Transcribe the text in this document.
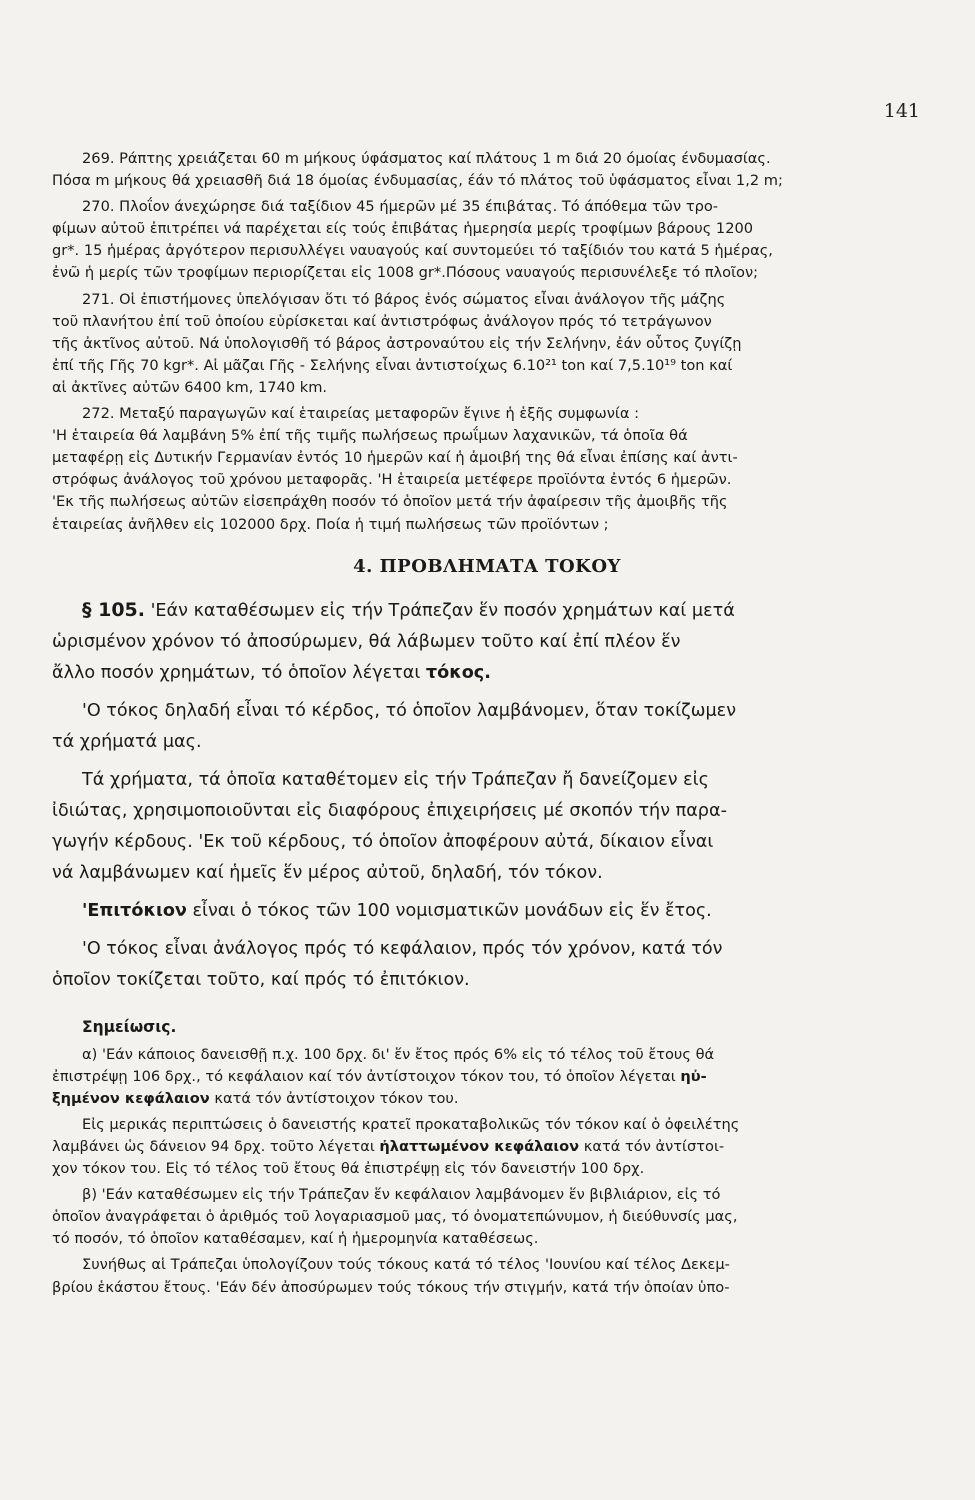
141

269. Ράπτης χρειάζεται 60 m μήκους ύφάσματος καί πλάτους 1 m διά 20 όμοίας ένδυμασίας.
Πόσα m μήκους θά χρειασθῆ διά 18 όμοίας ένδυμασίας, έάν τό πλάτος τοῦ ὑφάσματος εἶναι 1,2 m;

270. Πλοΐον άνεχώρησε διά ταξίδιον 45 ήμερῶν μέ 35 έπιβάτας. Τό άπόθεμα τῶν τρο-
φίμων αὐτοῦ ἐπιτρέπει νά παρέχεται είς τούς ἐπιβάτας ἡμερησία μερίς τροφίμων βάρους 1200
gr*. 15 ἡμέρας ἀργότερον περισυλλέγει ναυαγούς καί συντομεύει τό ταξίδιόν του κατά 5 ἡμέρας,
ἐνῶ ἡ μερίς τῶν τροφίμων περιορίζεται εἰς 1008 gr*.Πόσους ναυαγούς περισυνέλεξε τό πλοῖον;

271. Οἱ ἐπιστήμονες ὑπελόγισαν ὅτι τό βάρος ἑνός σώματος εἶναι ἀνάλογον τῆς μάζης
τοῦ πλανήτου ἐπί τοῦ ὁποίου εὑρίσκεται καί ἀντιστρόφως ἀνάλογον πρός τό τετράγωνον
τῆς ἀκτῖνος αὐτοῦ. Νά ὑπολογισθῆ τό βάρος ἀστροναύτου εἰς τήν Σελήνην, ἐάν οὗτος ζυγίζῃ
ἐπί τῆς Γῆς 70 kgr*. Αἱ μᾶζαι Γῆς - Σελήνης εἶναι ἀντιστοίχως 6.10²¹ ton καί 7,5.10¹⁹ ton καί
αἱ ἀκτῖνες αὐτῶν 6400 km, 1740 km.

272. Μεταξύ παραγωγῶν καί ἑταιρείας μεταφορῶν ἔγινε ἡ ἑξῆς συμφωνία :
'Η ἑταιρεία θά λαμβάνη 5% ἐπί τῆς τιμῆς πωλήσεως πρωΐμων λαχανικῶν, τά ὁποῖα θά
μεταφέρῃ εἰς Δυτικήν Γερμανίαν ἐντός 10 ἡμερῶν καί ἡ ἀμοιβή της θά εἶναι ἐπίσης καί ἀντι-
στρόφως ἀνάλογος τοῦ χρόνου μεταφορᾶς. 'Η ἑταιρεία μετέφερε προϊόντα ἐντός 6 ἡμερῶν.
'Εκ τῆς πωλήσεως αὐτῶν εἰσεπράχθη ποσόν τό ὁποῖον μετά τήν ἀφαίρεσιν τῆς ἀμοιβῆς τῆς
ἑταιρείας ἀνῆλθεν εἰς 102000 δρχ. Ποία ἡ τιμή πωλήσεως τῶν προϊόντων ;

4. ΠΡΟΒΛΗΜΑΤΑ ΤΟΚΟΥ

§ 105. 'Εάν καταθέσωμεν εἰς τήν Τράπεζαν ἕν ποσόν χρημάτων καί μετά
ὡρισμένον χρόνον τό ἀποσύρωμεν, θά λάβωμεν τοῦτο καί ἐπί πλέον ἕν
ἄλλο ποσόν χρημάτων, τό ὁποῖον λέγεται τόκος.

'Ο τόκος δηλαδή εἶναι τό κέρδος, τό ὁποῖον λαμβάνομεν, ὅταν τοκίζωμεν
τά χρήματά μας.

Τά χρήματα, τά ὁποῖα καταθέτομεν εἰς τήν Τράπεζαν ἤ δανείζομεν εἰς
ἰδιώτας, χρησιμοποιοῦνται εἰς διαφόρους ἐπιχειρήσεις μέ σκοπόν τήν παρα-
γωγήν κέρδους. 'Εκ τοῦ κέρδους, τό ὁποῖον ἀποφέρουν αὐτά, δίκαιον εἶναι
νά λαμβάνωμεν καί ἡμεῖς ἕν μέρος αὐτοῦ, δηλαδή, τόν τόκον.

'Επιτόκιον εἶναι ὁ τόκος τῶν 100 νομισματικῶν μονάδων εἰς ἕν ἔτος.

'Ο τόκος εἶναι ἀνάλογος πρός τό κεφάλαιον, πρός τόν χρόνον, κατά τόν
ὁποῖον τοκίζεται τοῦτο, καί πρός τό ἐπιτόκιον.

Σημείωσις.

α) 'Εάν κάποιος δανεισθῇ π.χ. 100 δρχ. δι' ἕν ἔτος πρός 6% εἰς τό τέλος τοῦ ἔτους θά
ἐπιστρέψῃ 106 δρχ., τό κεφάλαιον καί τόν ἀντίστοιχον τόκον του, τό ὁποῖον λέγεται ηὐ-
ξημένον κεφάλαιον κατά τόν ἀντίστοιχον τόκον του.

Εἰς μερικάς περιπτώσεις ὁ δανειστής κρατεῖ προκαταβολικῶς τόν τόκον καί ὁ ὀφειλέτης
λαμβάνει ὡς δάνειον 94 δρχ. τοῦτο λέγεται ἠλαττωμένον κεφάλαιον κατά τόν ἀντίστοι-
χον τόκον του. Εἰς τό τέλος τοῦ ἔτους θά ἐπιστρέψῃ εἰς τόν δανειστήν 100 δρχ.

β) 'Εάν καταθέσωμεν εἰς τήν Τράπεζαν ἕν κεφάλαιον λαμβάνομεν ἕν βιβλιάριον, εἰς τό
ὁποῖον ἀναγράφεται ὁ ἀριθμός τοῦ λογαριασμοῦ μας, τό ὀνοματεπώνυμον, ἡ διεύθυνσίς μας,
τό ποσόν, τό ὁποῖον καταθέσαμεν, καί ἡ ἡμερομηνία καταθέσεως.

Συνήθως αἱ Τράπεζαι ὑπολογίζουν τούς τόκους κατά τό τέλος 'Ιουνίου καί τέλος Δεκεμ-
βρίου ἑκάστου ἔτους. 'Εάν δέν ἀποσύρωμεν τούς τόκους τήν στιγμήν, κατά τήν ὁποίαν ὑπο-
